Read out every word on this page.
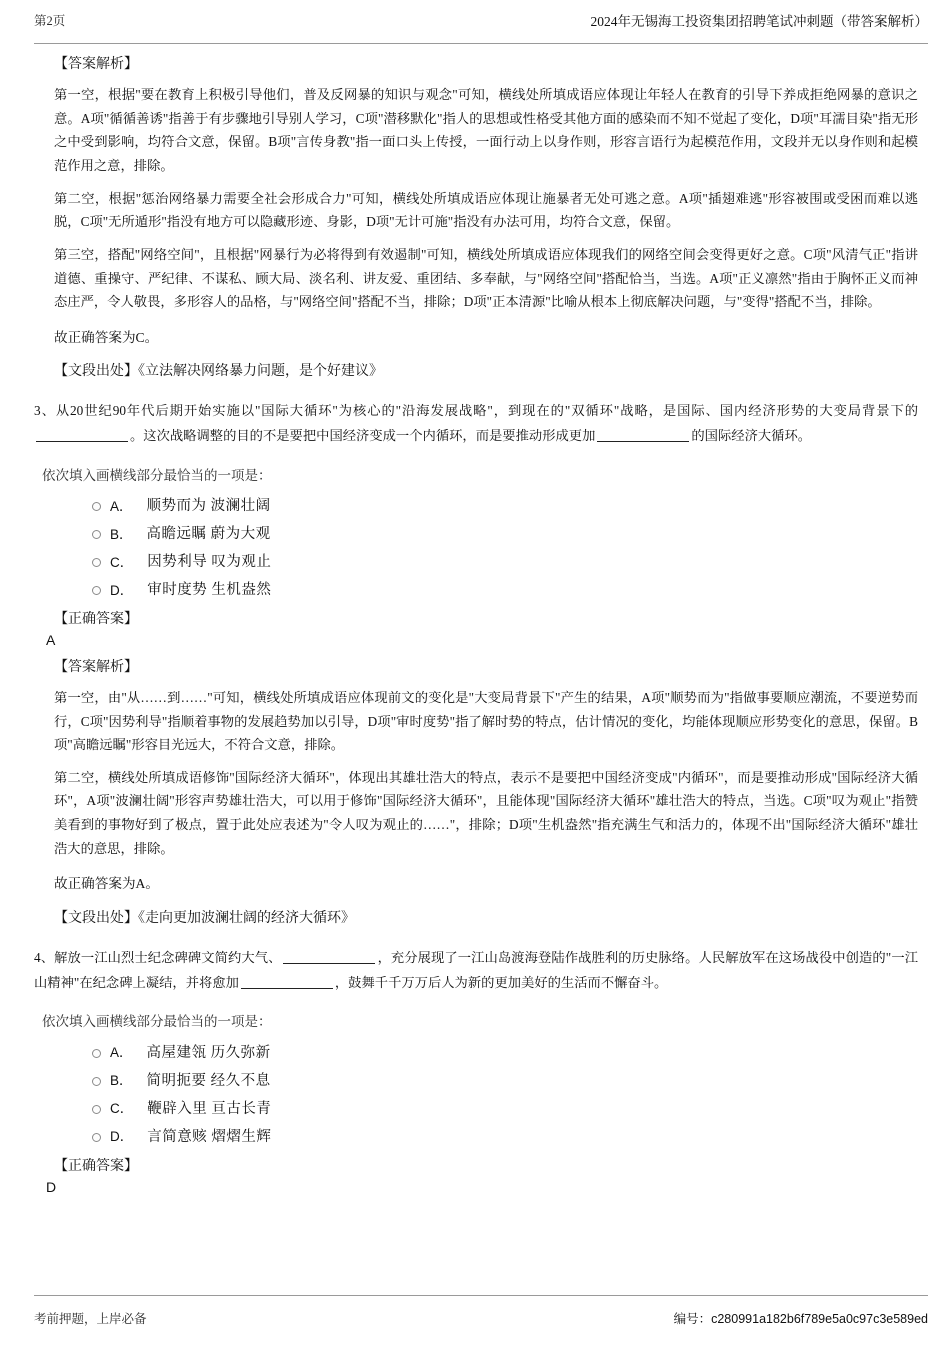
第2页	2024年无锡海工投资集团招聘笔试冲刺题（带答案解析）
【答案解析】

第一空，根据"要在教育上积极引导他们，普及反网暴的知识与观念"可知，横线处所填成语应体现让年轻人在教育的引导下养成拒绝网暴的意识之意。A项"循循善诱"指善于有步骤地引导别人学习，C项"潜移默化"指人的思想或性格受其他方面的感染而不知不觉起了变化，D项"耳濡目染"指无形之中受到影响，均符合文意，保留。B项"言传身教"指一面口头上传授，一面行动上以身作则，形容言语行为起模范作用，文段并无以身作则和起模范作用之意，排除。

第二空，根据"惩治网络暴力需要全社会形成合力"可知，横线处所填成语应体现让施暴者无处可逃之意。A项"插翅难逃"形容被围或受困而难以逃脱，C项"无所遁形"指没有地方可以隐藏形迹、身影，D项"无计可施"指没有办法可用，均符合文意，保留。

第三空，搭配"网络空间"，且根据"网暴行为必将得到有效遏制"可知，横线处所填成语应体现我们的网络空间会变得更好之意。C项"风清气正"指讲道德、重操守、严纪律、不谋私、顾大局、淡名利、讲友爱、重团结、多奉献，与"网络空间"搭配恰当，当选。A项"正义凛然"指由于胸怀正义而神态庄严，令人敬畏，多形容人的品格，与"网络空间"搭配不当，排除；D项"正本清源"比喻从根本上彻底解决问题，与"变得"搭配不当，排除。

故正确答案为C。
【文段出处】《立法解决网络暴力问题，是个好建议》

3、从20世纪90年代后期开始实施以"国际大循环"为核心的"沿海发展战略"，到现在的"双循环"战略，是国际、国内经济形势的大变局背景下的。这次战略调整的目的不是要把中国经济变成一个内循环，而是要推动形成更加	的国际经济大循环。

依次填入画横线部分最恰当的一项是：
A． 顺势而为 波澜壮阔
B． 高瞻远瞩 蔚为大观
C． 因势利导 叹为观止
D． 审时度势 生机盎然
【正确答案】
A
【答案解析】

第一空，由"从……到……"可知，横线处所填成语应体现前文的变化是"大变局背景下"产生的结果，A项"顺势而为"指做事要顺应潮流，不要逆势而行，C项"因势利导"指顺着事物的发展趋势加以引导，D项"审时度势"指了解时势的特点，估计情况的变化，均能体现顺应形势变化的意思，保留。B项"高瞻远瞩"形容目光远大，不符合文意，排除。

第二空，横线处所填成语修饰"国际经济大循环"，体现出其雄壮浩大的特点，表示不是要把中国经济变成"内循环"，而是要推动形成"国际经济大循环"，A项"波澜壮阔"形容声势雄壮浩大，可以用于修饰"国际经济大循环"，且能体现"国际经济大循环"雄壮浩大的特点，当选。C项"叹为观止"指赞美看到的事物好到了极点，置于此处应表述为"令人叹为观止的……"，排除；D项"生机盎然"指充满生气和活力的，体现不出"国际经济大循环"雄壮浩大的意思，排除。

故正确答案为A。
【文段出处】《走向更加波澜壮阔的经济大循环》

4、解放一江山烈士纪念碑碑文简约大气、	，充分展现了一江山岛渡海登陆作战胜利的历史脉络。人民解放军在这场战役中创造的"一江山精神"在纪念碑上凝结，并将愈加	，鼓舞千千万万后人为新的更加美好的生活而不懈奋斗。

依次填入画横线部分最恰当的一项是：
A． 高屋建瓴 历久弥新
B． 简明扼要 经久不息
C． 鞭辟入里 亘古长青
D． 言简意赅 熠熠生辉
【正确答案】
D
考前押题，上岸必备	编号：c280991a182b6f789e5a0c97c3e589ed
